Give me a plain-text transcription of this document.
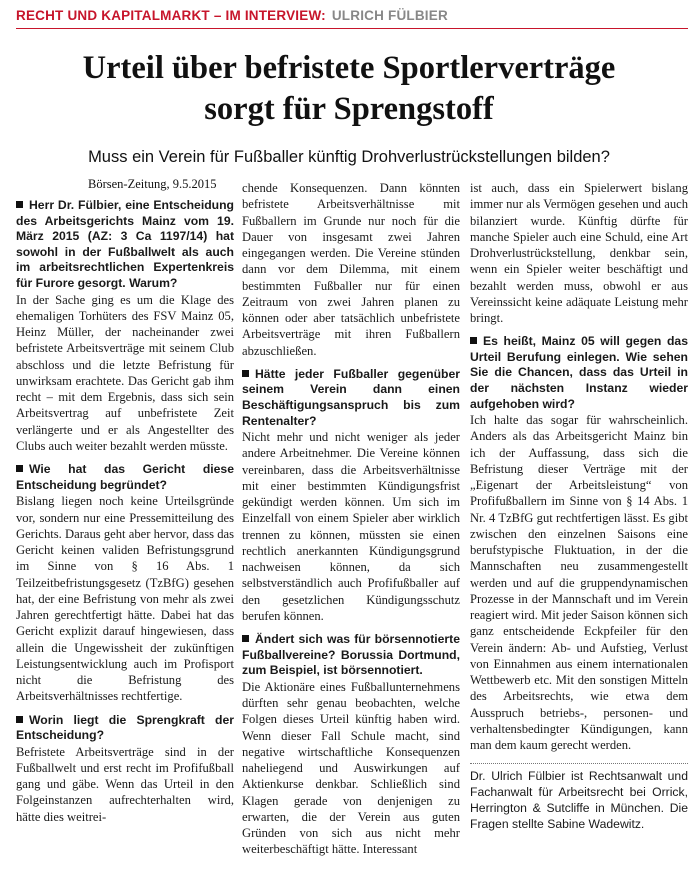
RECHT UND KAPITALMARKT – IM INTERVIEW: ULRICH FÜLBIER
Urteil über befristete Sportlerverträge
sorgt für Sprengstoff
Muss ein Verein für Fußballer künftig Drohverlustrückstellungen bilden?
Börsen-Zeitung, 9.5.2015
Herr Dr. Fülbier, eine Entscheidung des Arbeitsgerichts Mainz vom 19. März 2015 (AZ: 3 Ca 1197/14) hat sowohl in der Fußballwelt als auch im arbeitsrechtlichen Expertenkreis für Furore gesorgt. Warum?

In der Sache ging es um die Klage des ehemaligen Torhüters des FSV Mainz 05, Heinz Müller, der nacheinander zwei befristete Arbeitsverträge mit seinem Club abschloss und die letzte Befristung für unwirksam erachtete. Das Gericht gab ihm recht – mit dem Ergebnis, dass sich sein Arbeitsvertrag auf unbefristete Zeit verlängerte und er als Angestellter des Clubs auch weiter bezahlt werden müsste.

Wie hat das Gericht diese Entscheidung begründet?

Bislang liegen noch keine Urteilsgründe vor, sondern nur eine Pressemitteilung des Gerichts. Daraus geht aber hervor, dass das Gericht keinen validen Befristungsgrund im Sinne von § 16 Abs. 1 Teilzeitbefristungsgesetz (TzBfG) gesehen hat, der eine Befristung von mehr als zwei Jahren gerechtfertigt hätte. Dabei hat das Gericht explizit darauf hingewiesen, dass allein die Ungewissheit der zukünftigen Leistungsentwicklung auch im Profisport nicht die Befristung des Arbeitsverhältnisses rechtfertige.

Worin liegt die Sprengkraft der Entscheidung?

Befristete Arbeitsverträge sind in der Fußballwelt und erst recht im Profifußball gang und gäbe. Wenn das Urteil in den Folgeinstanzen aufrechterhalten wird, hätte dies weitrei-

chende Konsequenzen. Dann könnten befristete Arbeitsverhältnisse mit Fußballern im Grunde nur noch für die Dauer von insgesamt zwei Jahren eingegangen werden. Die Vereine stünden dann vor dem Dilemma, mit einem bestimmten Fußballer nur für einen Zeitraum von zwei Jahren planen zu können oder aber tatsächlich unbefristete Arbeitsverträge mit ihren Fußballern abzuschließen.

Hätte jeder Fußballer gegenüber seinem Verein dann einen Beschäftigungsanspruch bis zum Rentenalter?

Nicht mehr und nicht weniger als jeder andere Arbeitnehmer. Die Vereine können vereinbaren, dass die Arbeitsverhältnisse mit einer bestimmten Kündigungsfrist gekündigt werden können. Um sich im Einzelfall von einem Spieler aber wirklich trennen zu können, müssten sie einen rechtlich anerkannten Kündigungsgrund nachweisen können, da sich selbstverständlich auch Profifußballer auf den gesetzlichen Kündigungsschutz berufen können.

Ändert sich was für börsennotierte Fußballvereine? Borussia Dortmund, zum Beispiel, ist börsennotiert.

Die Aktionäre eines Fußballunternehmens dürften sehr genau beobachten, welche Folgen dieses Urteil künftig haben wird. Wenn dieser Fall Schule macht, sind negative wirtschaftliche Konsequenzen naheliegend und Auswirkungen auf Aktienkurse denkbar. Schließlich sind Klagen gerade von denjenigen zu erwarten, die der Verein aus guten Gründen von sich aus nicht mehr weiterbeschäftigt hätte. Interessant

ist auch, dass ein Spielerwert bislang immer nur als Vermögen gesehen und auch bilanziert wurde. Künftig dürfte für manche Spieler auch eine Schuld, eine Art Drohverlustrückstellung, denkbar sein, wenn ein Spieler weiter beschäftigt und bezahlt werden muss, obwohl er aus Vereinssicht keine adäquate Leistung mehr bringt.

Es heißt, Mainz 05 will gegen das Urteil Berufung einlegen. Wie sehen Sie die Chancen, dass das Urteil in der nächsten Instanz wieder aufgehoben wird?

Ich halte das sogar für wahrscheinlich. Anders als das Arbeitsgericht Mainz bin ich der Auffassung, dass sich die Befristung dieser Verträge mit der „Eigenart der Arbeitsleistung“ von Profifußballern im Sinne von § 14 Abs. 1 Nr. 4 TzBfG gut rechtfertigen lässt. Es gibt zwischen den einzelnen Saisons eine berufstypische Fluktuation, in der die Mannschaften neu zusammengestellt werden und auf die gruppendynamischen Prozesse in der Mannschaft und im Verein reagiert wird. Mit jeder Saison können sich ganz entscheidende Eckpfeiler für den Verein ändern: Ab- und Aufstieg, Verlust von Einnahmen aus einem internationalen Wettbewerb etc. Mit den sonstigen Mitteln des Arbeitsrechts, wie etwa dem Ausspruch betriebs-, personen- und verhaltensbedingter Kündigungen, kann man dem kaum gerecht werden.

Dr. Ulrich Fülbier ist Rechtsanwalt und Fachanwalt für Arbeitsrecht bei Orrick, Herrington & Sutcliffe in München. Die Fragen stellte Sabine Wadewitz.
